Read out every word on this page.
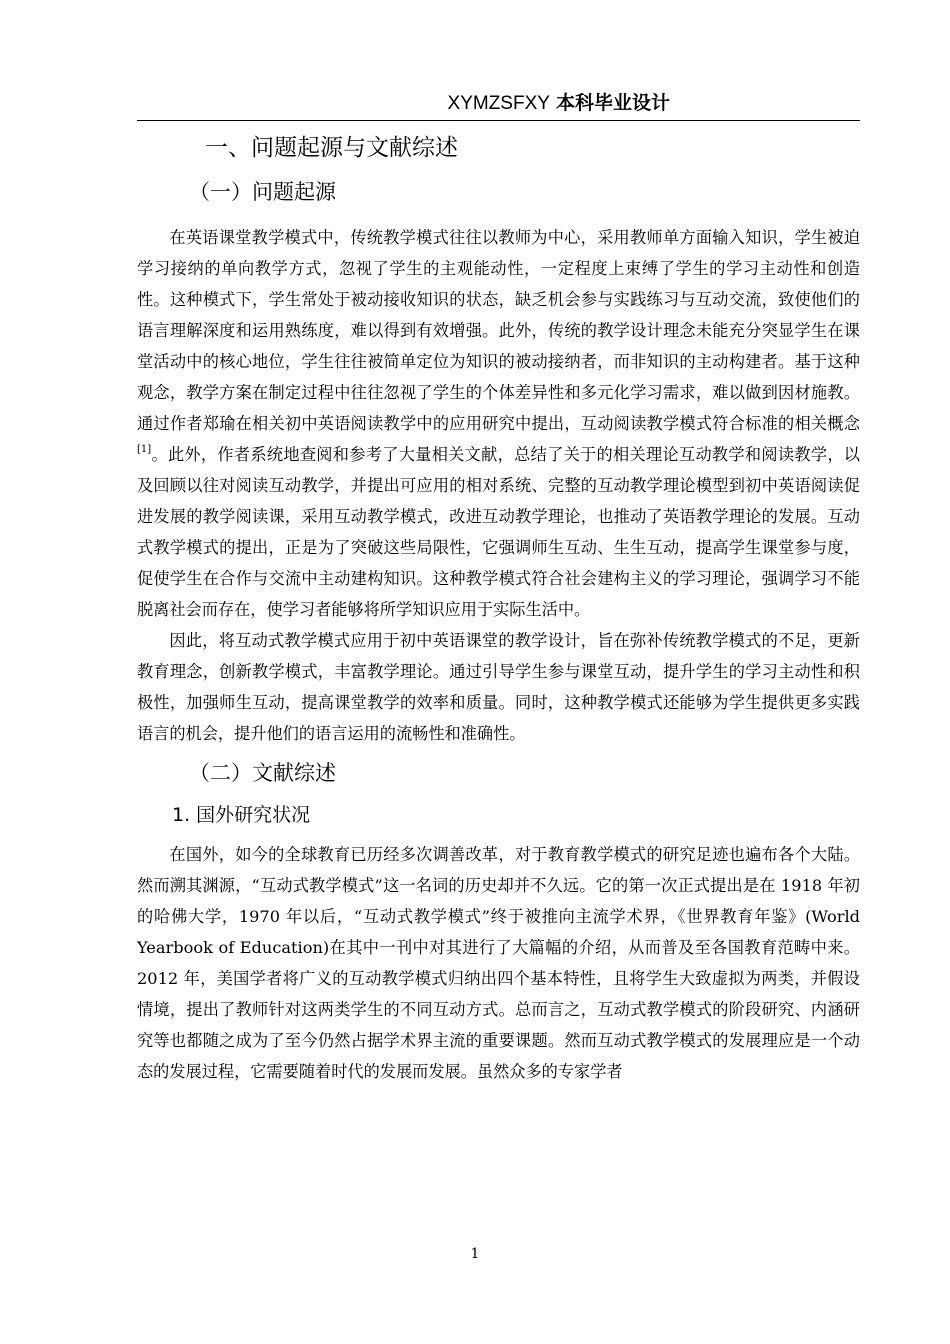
XYMZSFXY 本科毕业设计
一、问题起源与文献综述
（一）问题起源

在英语课堂教学模式中，传统教学模式往往以教师为中心，采用教师单方面输入知识，学生被迫学习接纳的单向教学方式，忽视了学生的主观能动性，一定程度上束缚了学生的学习主动性和创造性。这种模式下，学生常处于被动接收知识的状态，缺乏机会参与实践练习与互动交流，致使他们的语言理解深度和运用熟练度，难以得到有效增强。此外，传统的教学设计理念未能充分突显学生在课堂活动中的核心地位，学生往往被简单定位为知识的被动接纳者，而非知识的主动构建者。基于这种观念，教学方案在制定过程中往往忽视了学生的个体差异性和多元化学习需求，难以做到因材施教。通过作者郑瑜在相关初中英语阅读教学中的应用研究中提出，互动阅读教学模式符合标准的相关概念[1]。此外，作者系统地查阅和参考了大量相关文献，总结了关于的相关理论互动教学和阅读教学，以及回顾以往对阅读互动教学，并提出可应用的相对系统、完整的互动教学理论模型到初中英语阅读促进发展的教学阅读课，采用互动教学模式，改进互动教学理论，也推动了英语教学理论的发展。互动式教学模式的提出，正是为了突破这些局限性，它强调师生互动、生生互动，提高学生课堂参与度，促使学生在合作与交流中主动建构知识。这种教学模式符合社会建构主义的学习理论，强调学习不能脱离社会而存在，使学习者能够将所学知识应用于实际生活中。

因此，将互动式教学模式应用于初中英语课堂的教学设计，旨在弥补传统教学模式的不足，更新教育理念，创新教学模式，丰富教学理论。通过引导学生参与课堂互动，提升学生的学习主动性和积极性，加强师生互动，提高课堂教学的效率和质量。同时，这种教学模式还能够为学生提供更多实践语言的机会，提升他们的语言运用的流畅性和准确性。

（二）文献综述
1. 国外研究状况

在国外，如今的全球教育已历经多次调善改革，对于教育教学模式的研究足迹也遍布各个大陆。然而溯其渊源，“互动式教学模式”这一名词的历史却并不久远。它的第一次正式提出是在 1918 年初的哈佛大学，1970 年以后，“互动式教学模式”终于被推向主流学术界，《世界教育年鉴》(World Yearbook of Education)在其中一刊中对其进行了大篇幅的介绍，从而普及至各国教育范畴中来。2012 年，美国学者将广义的互动教学模式归纳出四个基本特性，且将学生大致虚拟为两类，并假设情境，提出了教师针对这两类学生的不同互动方式。总而言之，互动式教学模式的阶段研究、内涵研究等也都随之成为了至今仍然占据学术界主流的重要课题。然而互动式教学模式的发展理应是一个动态的发展过程，它需要随着时代的发展而发展。虽然众多的专家学者

1
